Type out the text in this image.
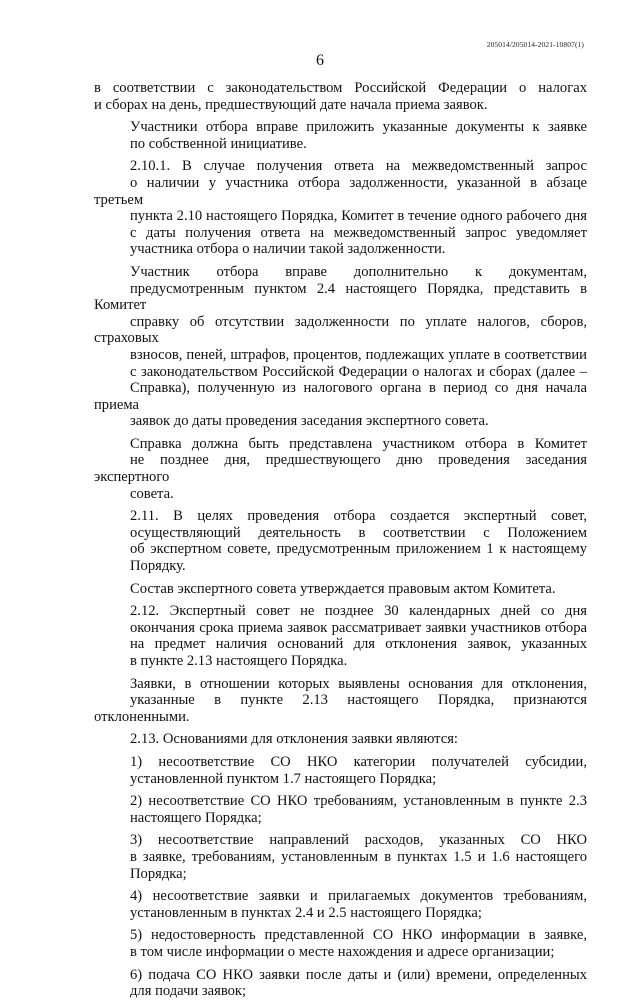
205014/205014-2021-10807(1)
6
в соответствии с законодательством Российской Федерации о налогах
и сборах на день, предшествующий дате начала приема заявок.
Участники отбора вправе приложить указанные документы к заявке
по собственной инициативе.
2.10.1. В случае получения ответа на межведомственный запрос
о наличии у участника отбора задолженности, указанной в абзаце третьем
пункта 2.10 настоящего Порядка, Комитет в течение одного рабочего дня
с даты получения ответа на межведомственный запрос уведомляет
участника отбора о наличии такой задолженности.
Участник отбора вправе дополнительно к документам,
предусмотренным пунктом 2.4 настоящего Порядка, представить в Комитет
справку об отсутствии задолженности по уплате налогов, сборов, страховых
взносов, пеней, штрафов, процентов, подлежащих уплате в соответствии
с законодательством Российской Федерации о налогах и сборах (далее –
Справка), полученную из налогового органа в период со дня начала приема
заявок до даты проведения заседания экспертного совета.
Справка должна быть представлена участником отбора в Комитет
не позднее дня, предшествующего дню проведения заседания экспертного
совета.
2.11. В целях проведения отбора создается экспертный совет,
осуществляющий деятельность в соответствии с Положением
об экспертном совете, предусмотренным приложением 1 к настоящему
Порядку.
Состав экспертного совета утверждается правовым актом Комитета.
2.12. Экспертный совет не позднее 30 календарных дней со дня
окончания срока приема заявок рассматривает заявки участников отбора
на предмет наличия оснований для отклонения заявок, указанных
в пункте 2.13 настоящего Порядка.
Заявки, в отношении которых выявлены основания для отклонения,
указанные в пункте 2.13 настоящего Порядка, признаются отклоненными.
2.13. Основаниями для отклонения заявки являются:
1) несоответствие СО НКО категории получателей субсидии,
установленной пунктом 1.7 настоящего Порядка;
2) несоответствие СО НКО требованиям, установленным в пункте 2.3
настоящего Порядка;
3) несоответствие направлений расходов, указанных СО НКО
в заявке, требованиям, установленным в пунктах 1.5 и 1.6 настоящего
Порядка;
4) несоответствие заявки и прилагаемых документов требованиям,
установленным в пунктах 2.4 и 2.5 настоящего Порядка;
5) недостоверность представленной СО НКО информации в заявке,
в том числе информации о месте нахождения и адресе организации;
6) подача СО НКО заявки после даты и (или) времени, определенных
для подачи заявок;
